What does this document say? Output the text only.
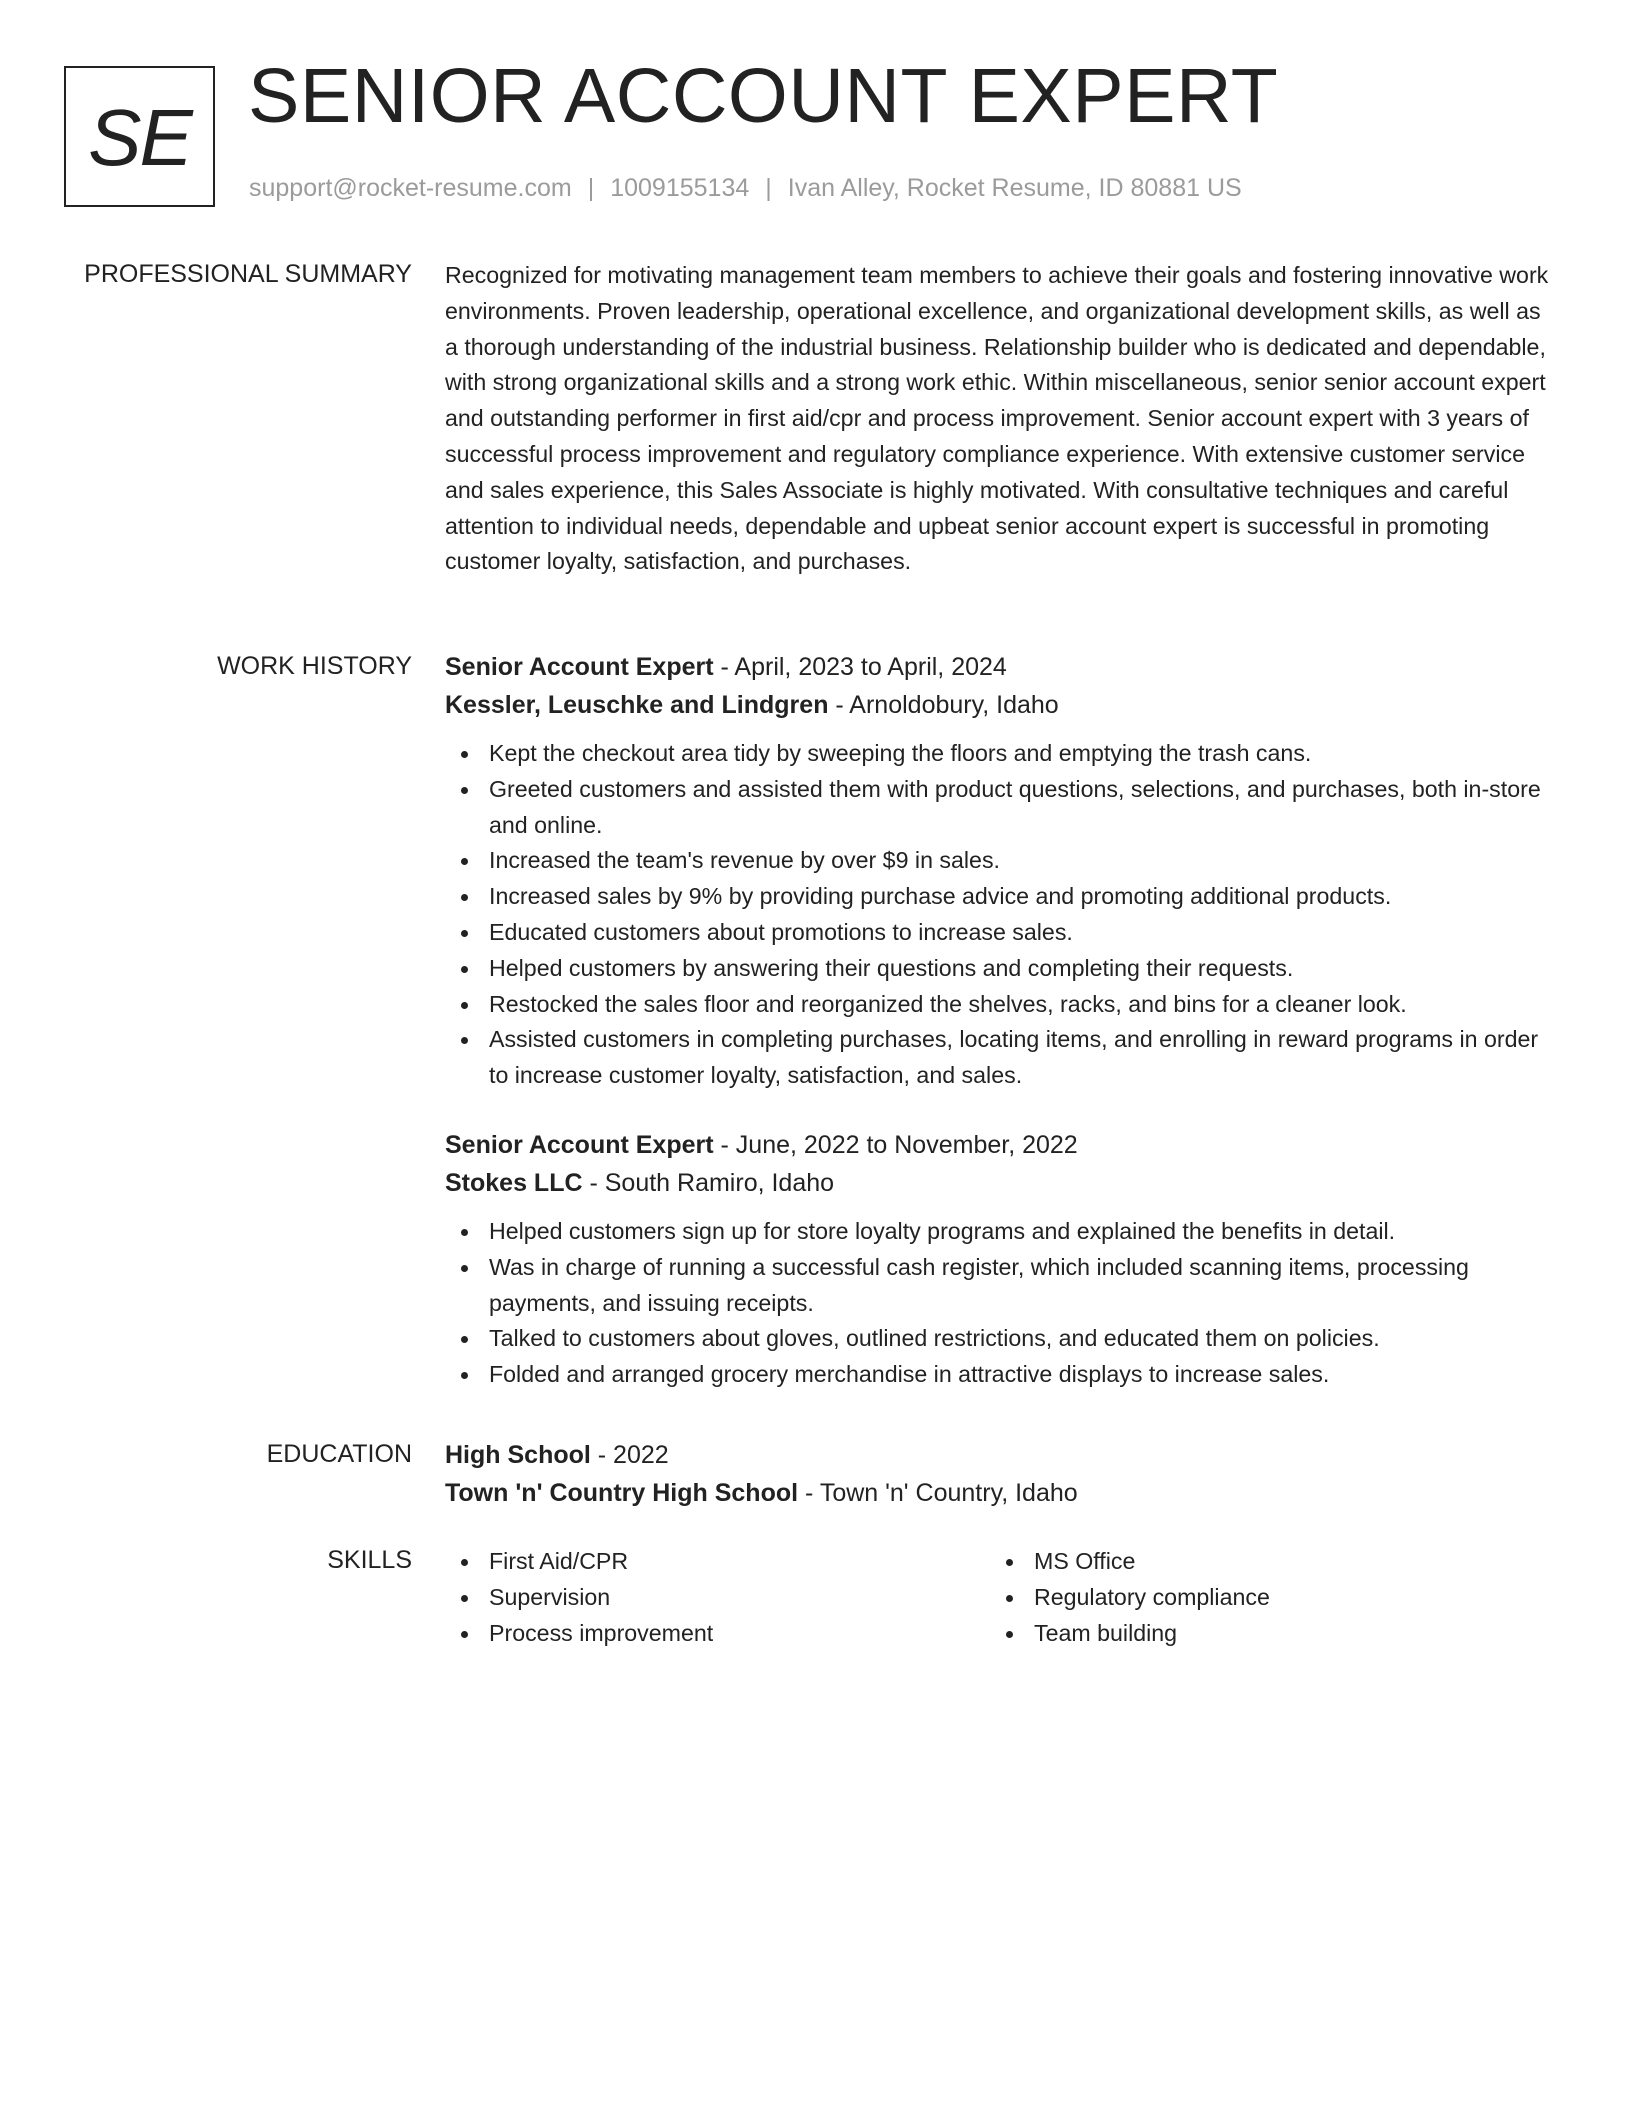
SE SENIOR ACCOUNT EXPERT
support@rocket-resume.com | 1009155134 | Ivan Alley, Rocket Resume, ID 80881 US
PROFESSIONAL SUMMARY Recognized for motivating management team members to achieve their goals and fostering innovative work environments. Proven leadership, operational excellence, and organizational development skills, as well as a thorough understanding of the industrial business. Relationship builder who is dedicated and dependable, with strong organizational skills and a strong work ethic. Within miscellaneous, senior senior account expert and outstanding performer in first aid/cpr and process improvement. Senior account expert with 3 years of successful process improvement and regulatory compliance experience. With extensive customer service and sales experience, this Sales Associate is highly motivated. With consultative techniques and careful attention to individual needs, dependable and upbeat senior account expert is successful in promoting customer loyalty, satisfaction, and purchases.

WORK HISTORY Senior Account Expert - April, 2023 to April, 2024
Kessler, Leuschke and Lindgren - Arnoldobury, Idaho
Kept the checkout area tidy by sweeping the floors and emptying the trash cans.
Greeted customers and assisted them with product questions, selections, and purchases, both in-store and online.
Increased the team's revenue by over $9 in sales.
Increased sales by 9% by providing purchase advice and promoting additional products.
Educated customers about promotions to increase sales.
Helped customers by answering their questions and completing their requests.
Restocked the sales floor and reorganized the shelves, racks, and bins for a cleaner look.
Assisted customers in completing purchases, locating items, and enrolling in reward programs in order to increase customer loyalty, satisfaction, and sales.
Senior Account Expert - June, 2022 to November, 2022
Stokes LLC - South Ramiro, Idaho
Helped customers sign up for store loyalty programs and explained the benefits in detail.
Was in charge of running a successful cash register, which included scanning items, processing payments, and issuing receipts.
Talked to customers about gloves, outlined restrictions, and educated them on policies.
Folded and arranged grocery merchandise in attractive displays to increase sales.
EDUCATION High School - 2022
Town 'n' Country High School - Town 'n' Country, Idaho
SKILLS	First Aid/CPR
Supervision
Process improvement
MS Office
Regulatory compliance
Team building
